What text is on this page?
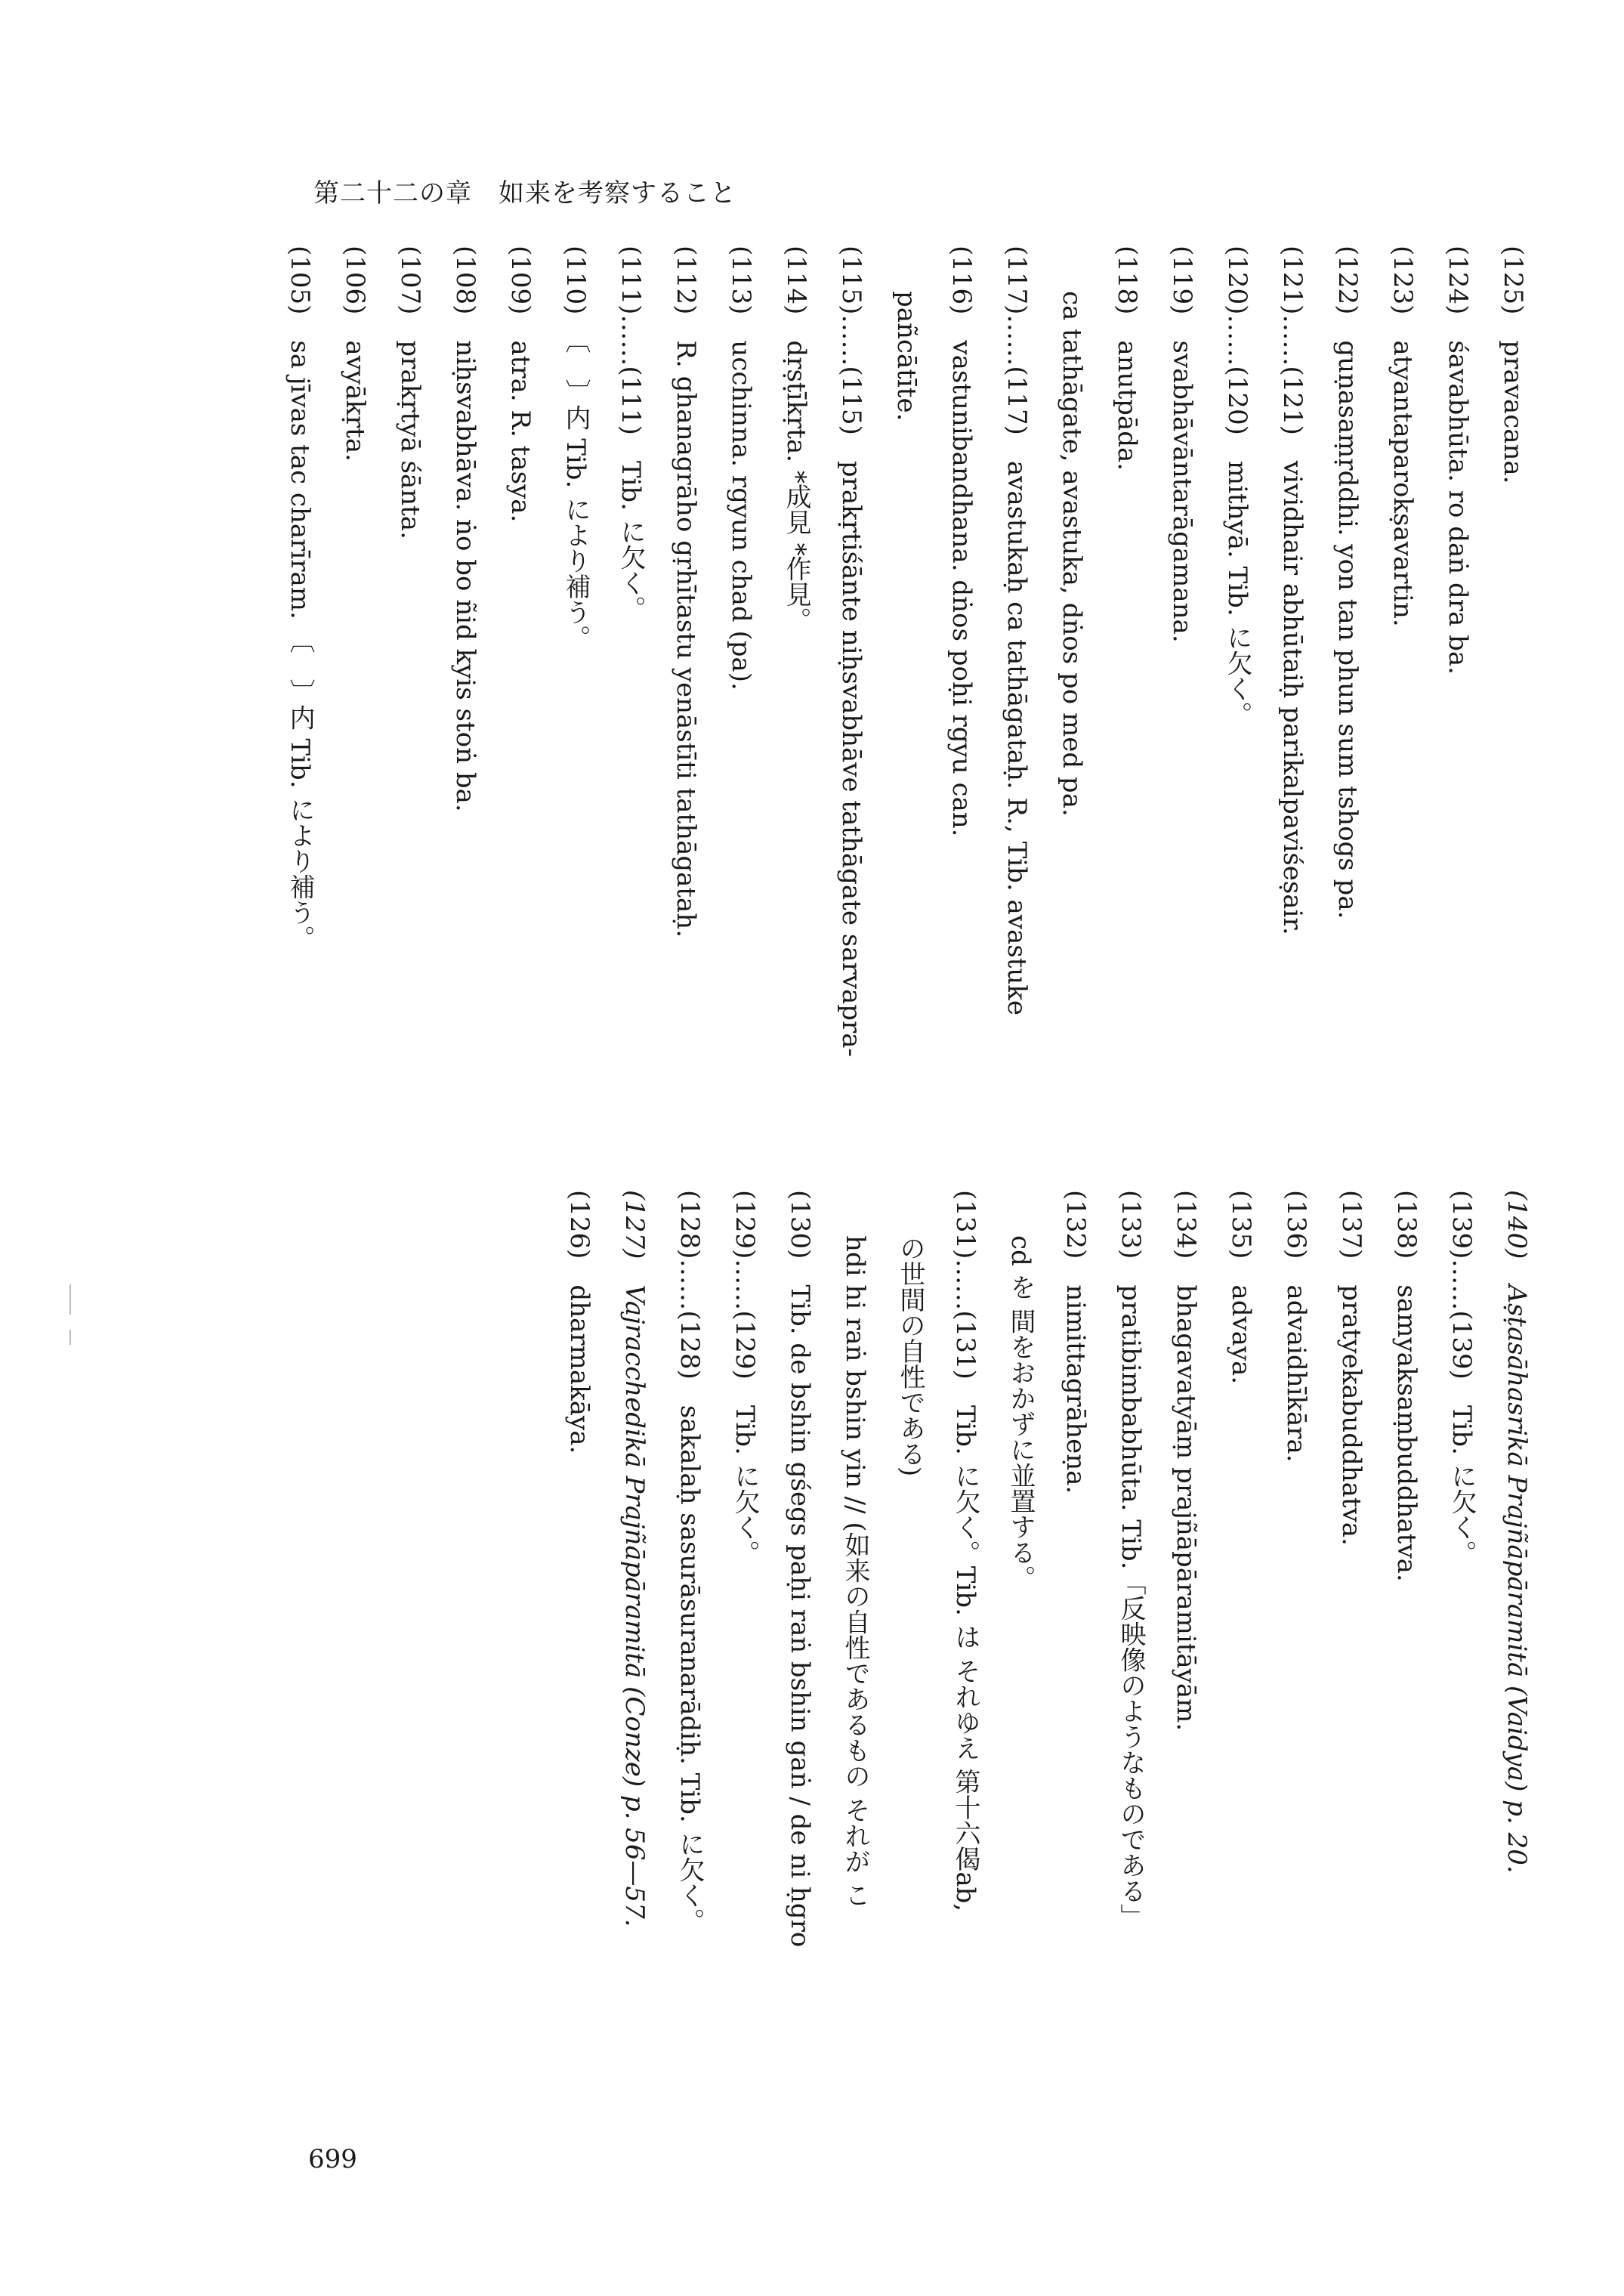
第二十二の章　如来を考察すること
(125)　pravacana.
(124)　śavabhūta. ro daṅ dra ba.
(123)　atyantaparokṣavartin.
(122)　guṇasaṃṛddhi. yon tan phun sum tshogs pa.
(121)……(121)　vividhair abhūtaiḥ parikalpaviśeṣair.
(120)……(120)　mithyā. Tib. に欠く。
(119)　svabhāvāntarāgamana.
(118)　anutpāda.
ca tathāgate, avastuka, dṅos po med pa.
(117)……(117)　avastukaḥ ca tathāgataḥ. R., Tib. avastuke
(116)　vastunibandhana. dṅos poḥi rgyu can.
pañcātīte.
(115)……(115)　prakṛtiśānte niḥsvabhāve tathāgate sarvapra-
(114)　dṛṣṭīkṛta. *成見 *作見。
(113)　ucchinna. rgyun chad (pa).
(112)　R. ghanagrāho gṛhītastu yenāstīti tathāgataḥ.
(111)……(111)　Tib. に欠く。
(110)　〔　〕内 Tib. により補う。
(109)　atra. R. tasya.
(108)　niḥsvabhāva. ṅo bo ñid kyis stoṅ ba.
(107)　prakṛtyā śānta.
(106)　avyākṛta.
(105)　sa jīvas tac charīram. 〔　〕内 Tib. により補う。
(140)　Aṣṭasāhasrikā Prajñāpāramitā (Vaidya) p. 20.
(139)……(139)　Tib. に欠く。
(138)　samyaksaṃbuddhatva.
(137)　pratyekabuddhatva.
(136)　advaidhīkāra.
(135)　advaya.
(134)　bhagavatyāṃ prajñāpāramitāyām.
(133)　pratibimbabhūta. Tib.「反映像のようなものである」
(132)　nimittagrāheṇa.
cd を 間をおかずに並置する。
(131)……(131)　Tib. に欠く。Tib. は それゆえ 第十六偈ab,
の世間の自性である)
hdi hi raṅ bshin yin // (如来の自性であるもの それが こ
(130)　Tib. de bshin gśegs paḥi raṅ bshin gaṅ / de ni ḥgro
(129)……(129)　Tib. に欠く。
(128)……(128)　sakalaḥ sasurāsuranarādiḥ. Tib. に欠く。
(127)　Vajracchedikā Prajñāpāramitā (Conze) p. 56—57.
(126)　dharmakāya.
699
